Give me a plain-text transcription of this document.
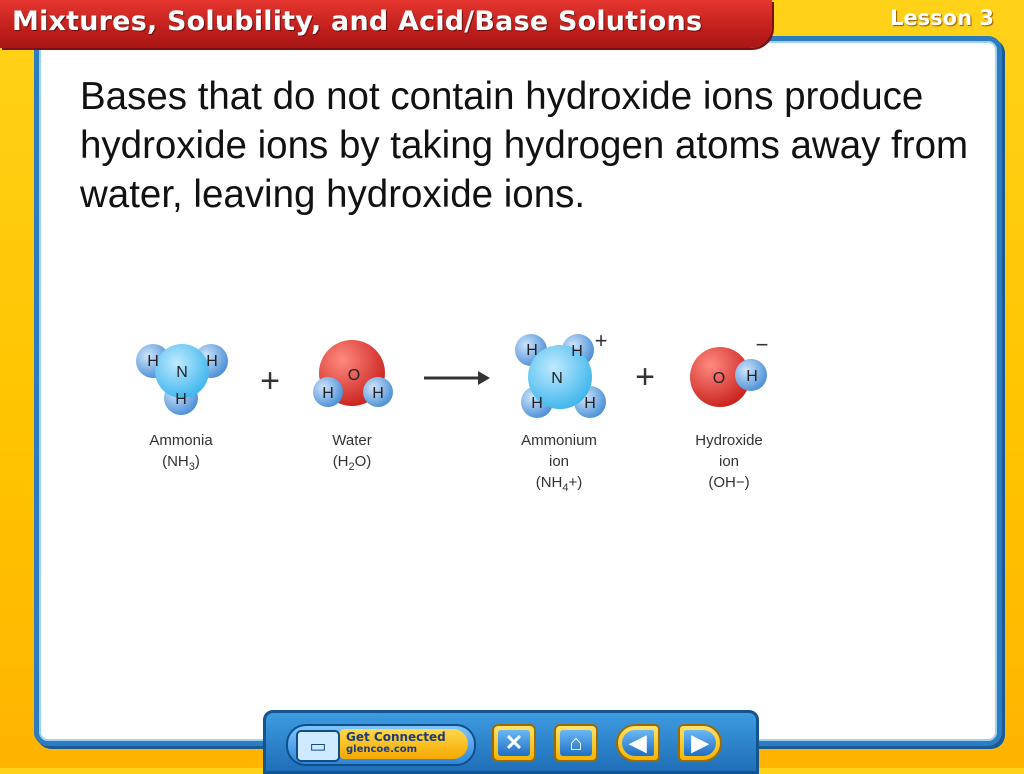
Mixtures, Solubility, and Acid/Base Solutions	Lesson 3
Bases that do not contain hydroxide ions produce hydroxide ions by taking hydrogen atoms away from water, leaving hydroxide ions.
N
H	H
H
Ammonia
$(NH_3)$
+	O
H H
Water
$(H_2O)$
N
H H
H	H
+
Ammonium
ion
$(NH_4+)$
+	O H
−
Hydroxide
ion
(OH−)
▭	Get Connected
glencoe.com	✕	⌂	◀	▶
